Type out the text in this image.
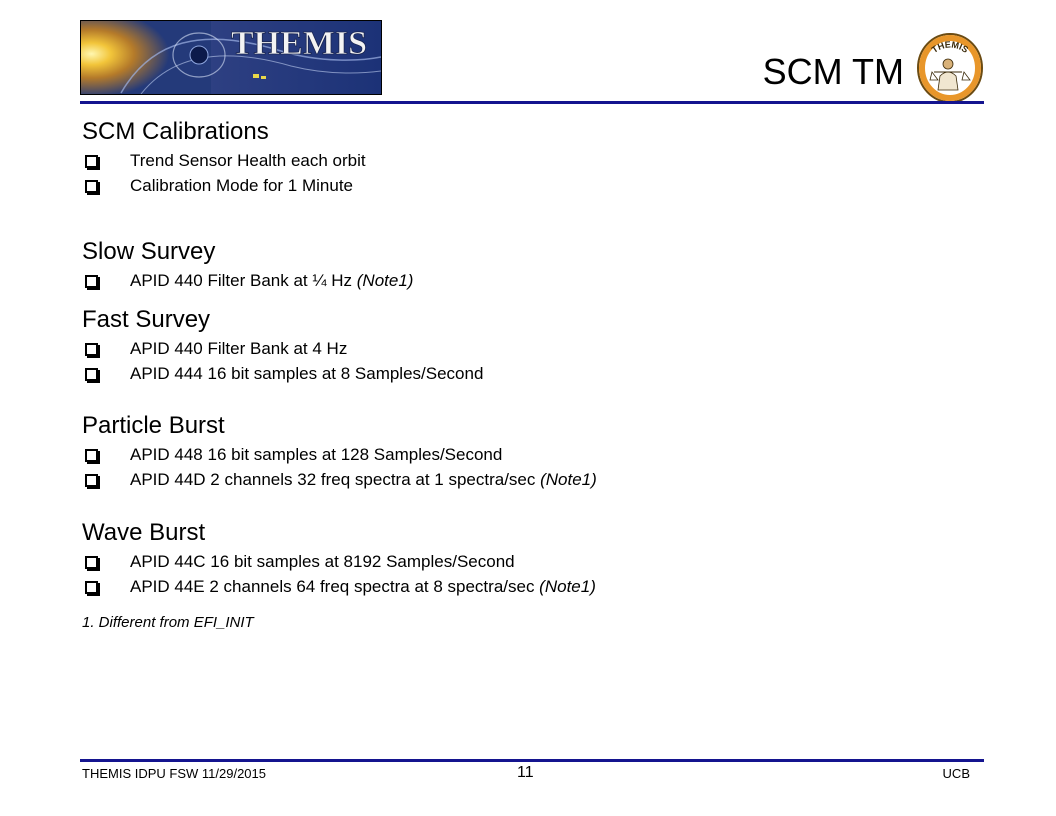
THEMIS
SCM TM
THEMIS
SCM Calibrations
Trend Sensor Health each orbit
Calibration Mode for 1 Minute
Slow Survey
APID 440 Filter Bank at ¼ Hz (Note1)
Fast Survey
APID 440 Filter Bank at 4 Hz
APID 444 16 bit samples at 8 Samples/Second
Particle Burst
APID 448 16 bit samples at 128 Samples/Second
APID 44D 2 channels 32 freq spectra at 1 spectra/sec (Note1)
Wave Burst
APID 44C 16 bit samples at 8192 Samples/Second
APID 44E 2 channels 64 freq spectra at 8 spectra/sec (Note1)
1. Different from EFI_INIT
THEMIS IDPU FSW 11/29/2015	11	UCB
